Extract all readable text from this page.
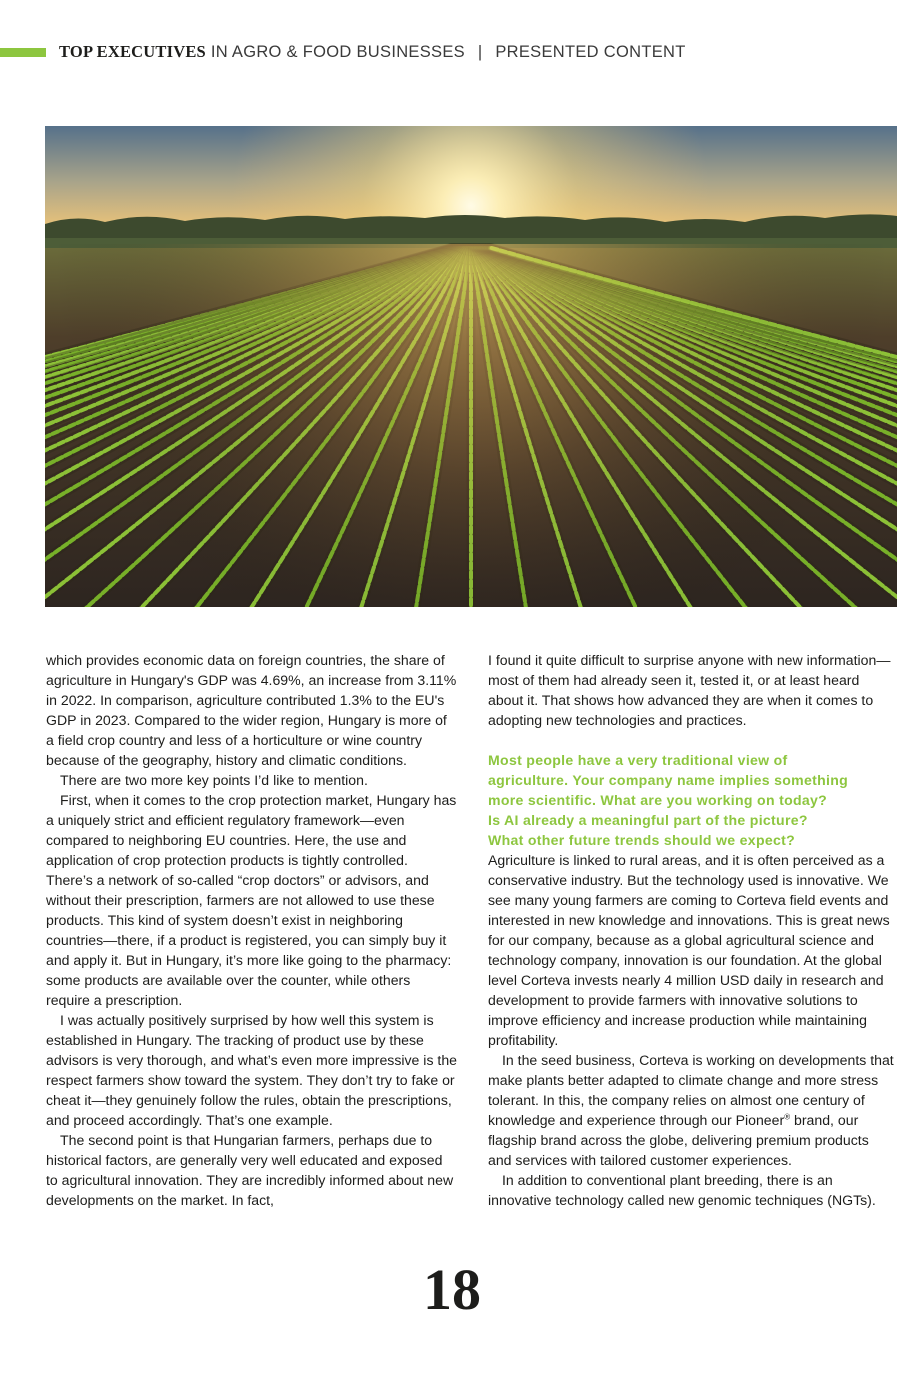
TOP EXECUTIVES IN AGRO & FOOD BUSINESSES | PRESENTED CONTENT

which provides economic data on foreign countries, the share of agriculture in Hungary's GDP was 4.69%, an increase from 3.11% in 2022. In comparison, agriculture contributed 1.3% to the EU's GDP in 2023. Compared to the wider region, Hungary is more of a field crop country and less of a horticulture or wine country because of the geography, history and climatic conditions.

There are two more key points I’d like to mention.

First, when it comes to the crop protection market, Hungary has a uniquely strict and efficient regulatory framework—even compared to neighboring EU countries. Here, the use and application of crop protection products is tightly controlled. There’s a network of so-called “crop doctors” or advisors, and without their prescription, farmers are not allowed to use these products. This kind of system doesn’t exist in neighboring countries—there, if a product is registered, you can simply buy it and apply it. But in Hungary, it’s more like going to the pharmacy: some products are available over the counter, while others require a prescription.

I was actually positively surprised by how well this system is established in Hungary. The tracking of product use by these advisors is very thorough, and what’s even more impressive is the respect farmers show toward the system. They don’t try to fake or cheat it—they genuinely follow the rules, obtain the prescriptions, and proceed accordingly. That’s one example.

The second point is that Hungarian farmers, perhaps due to historical factors, are generally very well educated and exposed to agricultural innovation. They are incredibly informed about new developments on the market. In fact,

I found it quite difficult to surprise anyone with new information—most of them had already seen it, tested it, or at least heard about it. That shows how advanced they are when it comes to adopting new technologies and practices.

Most people have a very traditional view of
agriculture. Your company name implies something
more scientific. What are you working on today?
Is AI already a meaningful part of the picture?
What other future trends should we expect?

Agriculture is linked to rural areas, and it is often perceived as a conservative industry. But the technology used is innovative. We see many young farmers are coming to Corteva field events and interested in new knowledge and innovations. This is great news for our company, because as a global agricultural science and technology company, innovation is our foundation. At the global level Corteva invests nearly 4 million USD daily in research and development to provide farmers with innovative solutions to improve efficiency and increase production while maintaining profitability.

In the seed business, Corteva is working on developments that make plants better adapted to climate change and more stress tolerant. In this, the company relies on almost one century of knowledge and experience through our Pioneer® brand, our flagship brand across the globe, delivering premium products and services with tailored customer experiences.

In addition to conventional plant breeding, there is an innovative technology called new genomic techniques (NGTs).

18
